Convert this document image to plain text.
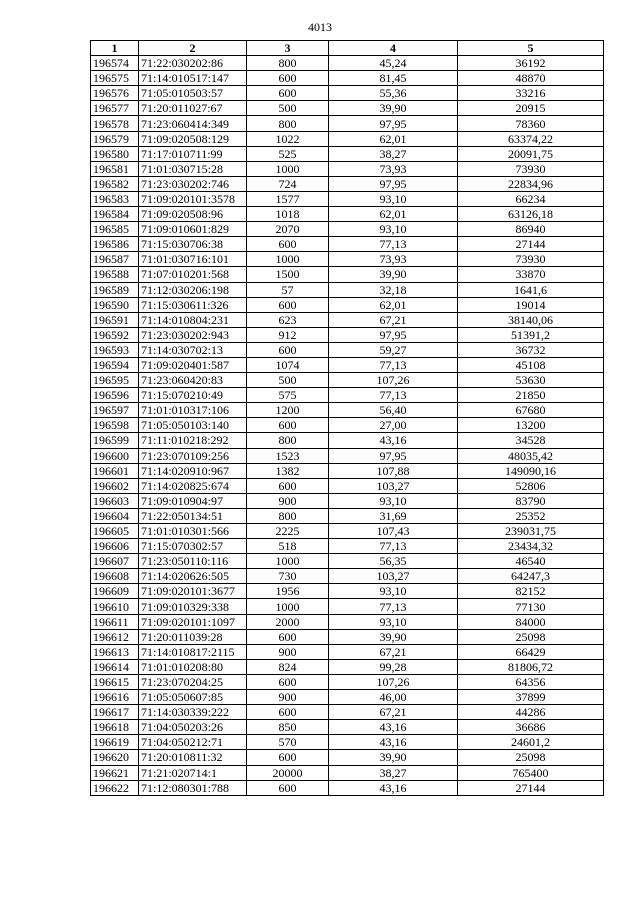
4013
1	2	3	4	5
196574	71:22:030202:86	800	45,24	36192
196575	71:14:010517:147	600	81,45	48870
196576	71:05:010503:57	600	55,36	33216
196577	71:20:011027:67	500	39,90	20915
196578	71:23:060414:349	800	97,95	78360
196579	71:09:020508:129	1022	62,01	63374,22
196580	71:17:010711:99	525	38,27	20091,75
196581	71:01:030715:28	1000	73,93	73930
196582	71:23:030202:746	724	97,95	22834,96
196583	71:09:020101:3578	1577	93,10	66234
196584	71:09:020508:96	1018	62,01	63126,18
196585	71:09:010601:829	2070	93,10	86940
196586	71:15:030706:38	600	77,13	27144
196587	71:01:030716:101	1000	73,93	73930
196588	71:07:010201:568	1500	39,90	33870
196589	71:12:030206:198	57	32,18	1641,6
196590	71:15:030611:326	600	62,01	19014
196591	71:14:010804:231	623	67,21	38140,06
196592	71:23:030202:943	912	97,95	51391,2
196593	71:14:030702:13	600	59,27	36732
196594	71:09:020401:587	1074	77,13	45108
196595	71:23:060420:83	500	107,26	53630
196596	71:15:070210:49	575	77,13	21850
196597	71:01:010317:106	1200	56,40	67680
196598	71:05:050103:140	600	27,00	13200
196599	71:11:010218:292	800	43,16	34528
196600	71:23:070109:256	1523	97,95	48035,42
196601	71:14:020910:967	1382	107,88	149090,16
196602	71:14:020825:674	600	103,27	52806
196603	71:09:010904:97	900	93,10	83790
196604	71:22:050134:51	800	31,69	25352
196605	71:01:010301:566	2225	107,43	239031,75
196606	71:15:070302:57	518	77,13	23434,32
196607	71:23:050110:116	1000	56,35	46540
196608	71:14:020626:505	730	103,27	64247,3
196609	71:09:020101:3677	1956	93,10	82152
196610	71:09:010329:338	1000	77,13	77130
196611	71:09:020101:1097	2000	93,10	84000
196612	71:20:011039:28	600	39,90	25098
196613	71:14:010817:2115	900	67,21	66429
196614	71:01:010208:80	824	99,28	81806,72
196615	71:23:070204:25	600	107,26	64356
196616	71:05:050607:85	900	46,00	37899
196617	71:14:030339:222	600	67,21	44286
196618	71:04:050203:26	850	43,16	36686
196619	71:04:050212:71	570	43,16	24601,2
196620	71:20:010811:32	600	39,90	25098
196621	71:21:020714:1	20000	38,27	765400
196622	71:12:080301:788	600	43,16	27144
